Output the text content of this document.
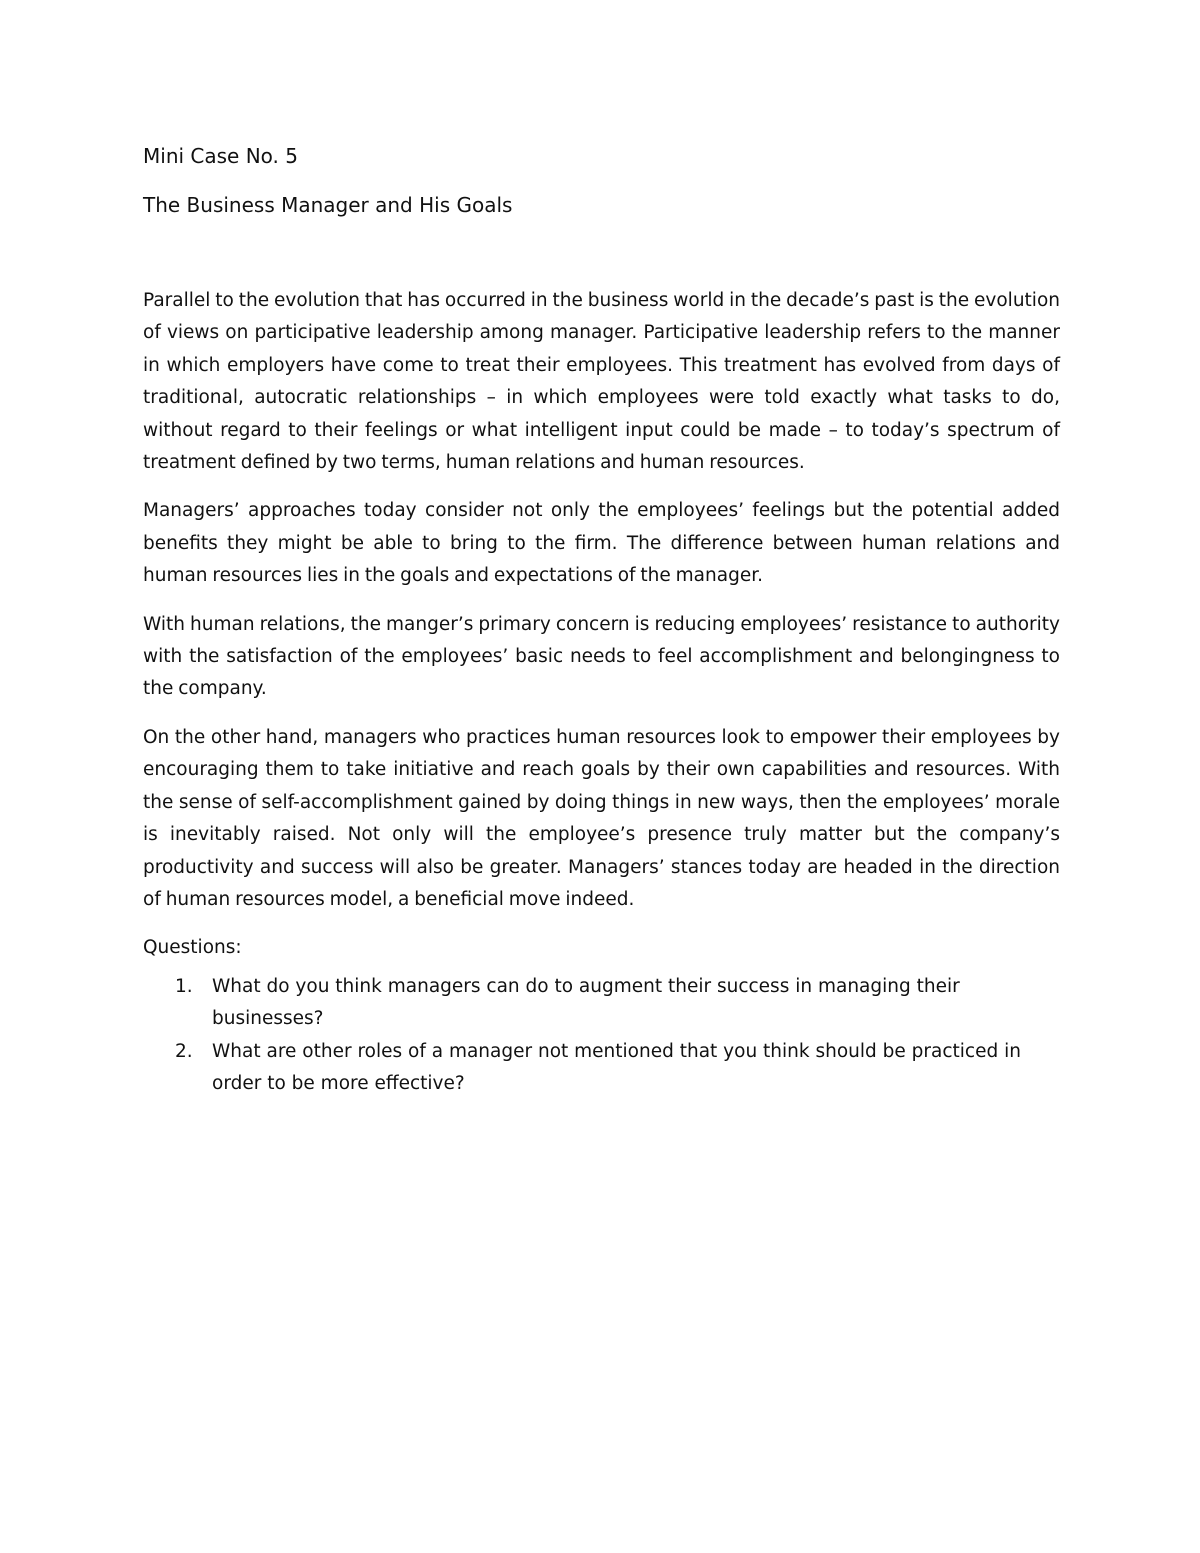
Mini Case No. 5
The Business Manager and His Goals

Parallel to the evolution that has occurred in the business world in the decade’s past is the evolution of views on participative leadership among manager. Participative leadership refers to the manner in which employers have come to treat their employees. This treatment has evolved from days of traditional, autocratic relationships – in which employees were told exactly what tasks to do, without regard to their feelings or what intelligent input could be made – to today’s spectrum of treatment defined by two terms, human relations and human resources.

Managers’ approaches today consider not only the employees’ feelings but the potential added benefits they might be able to bring to the firm. The difference between human relations and human resources lies in the goals and expectations of the manager.

With human relations, the manger’s primary concern is reducing employees’ resistance to authority with the satisfaction of the employees’ basic needs to feel accomplishment and belongingness to the company.

On the other hand, managers who practices human resources look to empower their employees by encouraging them to take initiative and reach goals by their own capabilities and resources. With the sense of self-accomplishment gained by doing things in new ways, then the employees’ morale is inevitably raised. Not only will the employee’s presence truly matter but the company’s productivity and success will also be greater. Managers’ stances today are headed in the direction of human resources model, a beneficial move indeed.

Questions:
1. What do you think managers can do to augment their success in managing their businesses?
2. What are other roles of a manager not mentioned that you think should be practiced in order to be more effective?
